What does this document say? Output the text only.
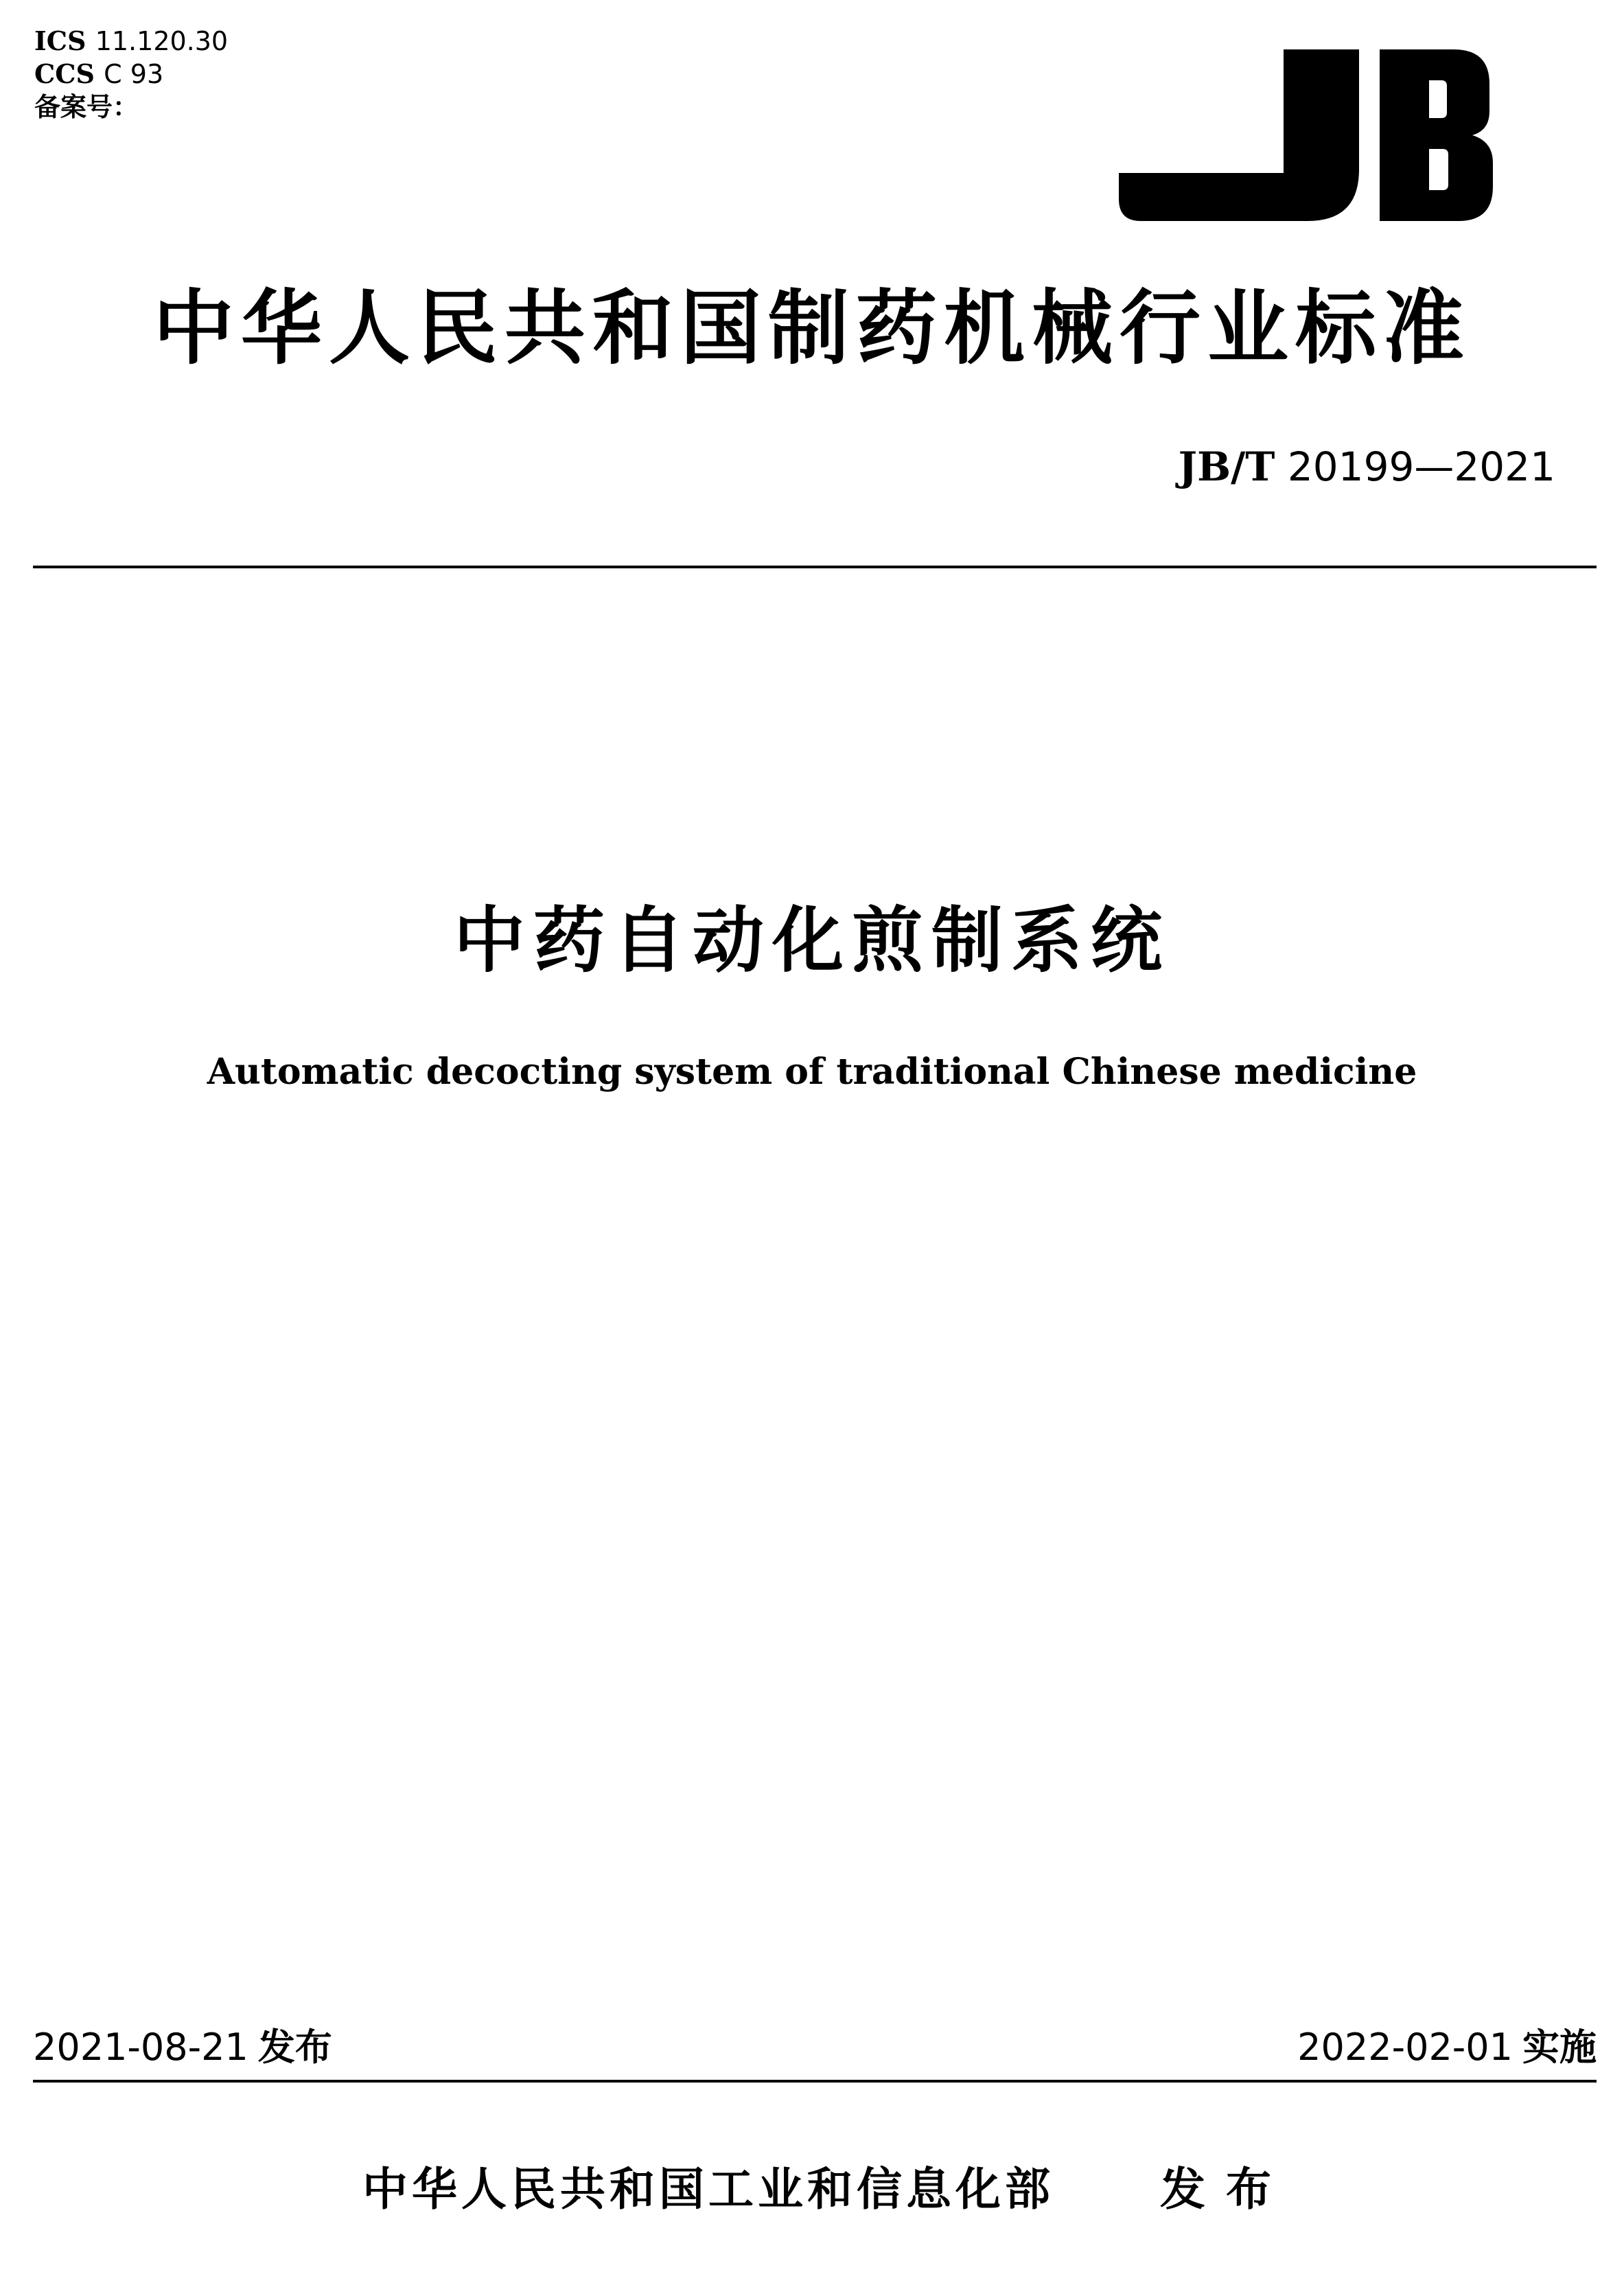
ICS 11.120.30
CCS C 93
备案号：
中华人民共和国制药机械行业标准
JB/T 20199—2021
中药自动化煎制系统
Automatic decocting system of traditional Chinese medicine
2021-08-21 发布	2022-02-01 实施
中华人民共和国工业和信息化部 发布
